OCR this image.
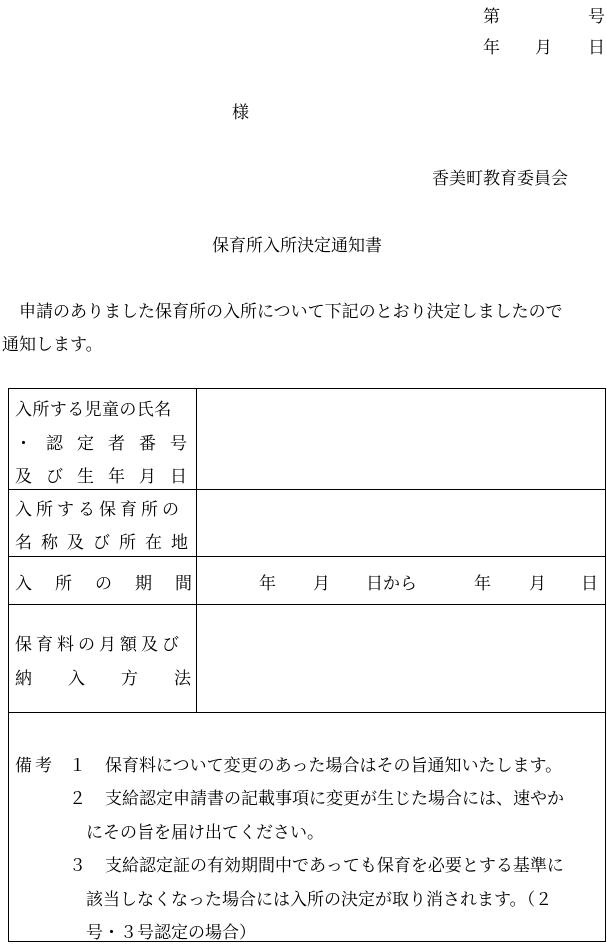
第	号
年 月 日
様
香美町教育委員会
保育所入所決定通知書
　申請のありました保育所の入所について下記のとおり決定しましたので
通知します。
入所する児童の氏名
・認定者番号
及び生年月日
入所する保育所の
名称及び所在地
入所の期間	年 月 日から	年 月 日
保育料の月額及び
納入方法
備考 １ 保育料について変更のあった場合はその旨通知いたします。
２ 支給認定申請書の記載事項に変更が生じた場合には、速やか
にその旨を届け出てください。
３ 支給認定証の有効期間中であっても保育を必要とする基準に
該当しなくなった場合には入所の決定が取り消されます。（２
号・３号認定の場合）
